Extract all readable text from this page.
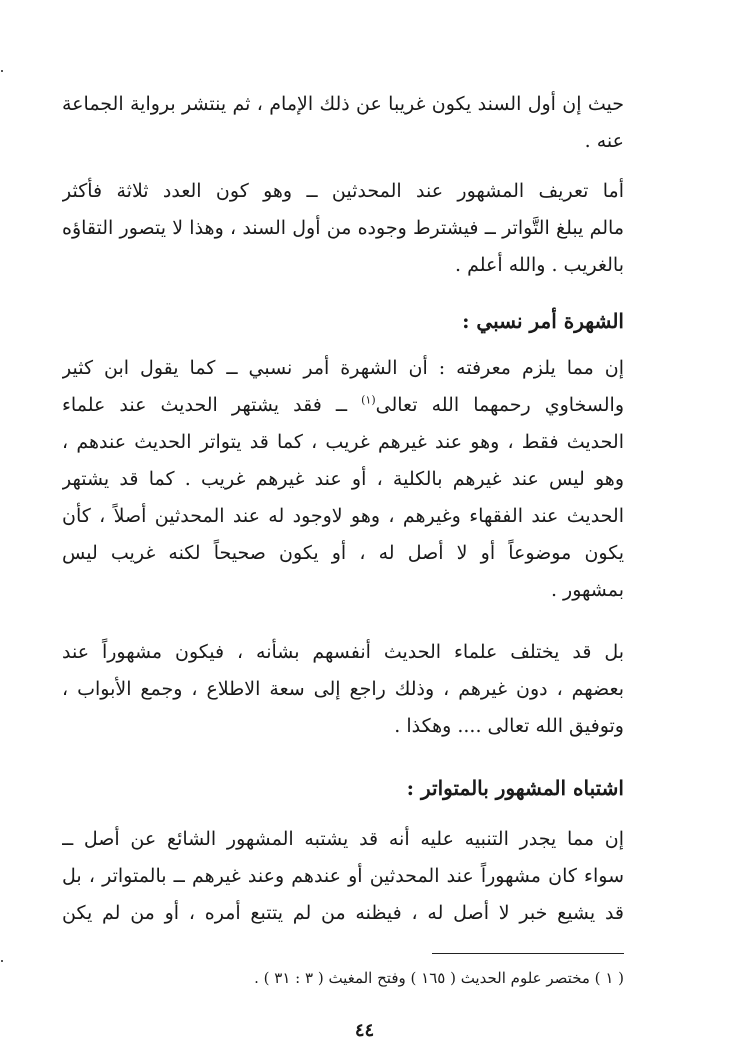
حيث إن أول السند يكون غريبا عن ذلك الإمام ، ثم ينتشر برواية الجماعة
عنه .
أما تعريف المشهور عند المحدثين ــ وهو كون العدد ثلاثة فأكثر
مالم يبلغ التَّواتر ــ فيشترط وجوده من أول السند ، وهذا لا يتصور التقاؤه
بالغريب . والله أعلم .
الشهرة أمر نسبي :
إن مما يلزم معرفته : أن الشهرة أمر نسبي ــ كما يقول ابن كثير
والسخاوي رحمهما الله تعالى$^{(١)}$ ــ فقد يشتهر الحديث عند علماء
الحديث فقط ، وهو عند غيرهم غريب ، كما قد يتواتر الحديث عندهم ،
وهو ليس عند غيرهم بالكلية ، أو عند غيرهم غريب . كما قد يشتهر
الحديث عند الفقهاء وغيرهم ، وهو لاوجود له عند المحدثين أصلاً ، كأن
يكون موضوعاً أو لا أصل له ، أو يكون صحيحاً لكنه غريب ليس
بمشهور .
بل قد يختلف علماء الحديث أنفسهم بشأنه ، فيكون مشهوراً عند
بعضهم ، دون غيرهم ، وذلك راجع إلى سعة الاطلاع ، وجمع الأبواب ،
وتوفيق الله تعالى .... وهكذا .
اشتباه المشهور بالمتواتر :
إن مما يجدر التنبيه عليه أنه قد يشتبه المشهور الشائع عن أصل ــ
سواء كان مشهوراً عند المحدثين أو عندهم وعند غيرهم ــ بالمتواتر ، بل
قد يشيع خبر لا أصل له ، فيظنه من لم يتتبع أمره ، أو من لم يكن
( ١ ) مختصر علوم الحديث ( ١٦٥ ) وفتح المغيث ( ٣ : ٣١ ) .
٤٤
